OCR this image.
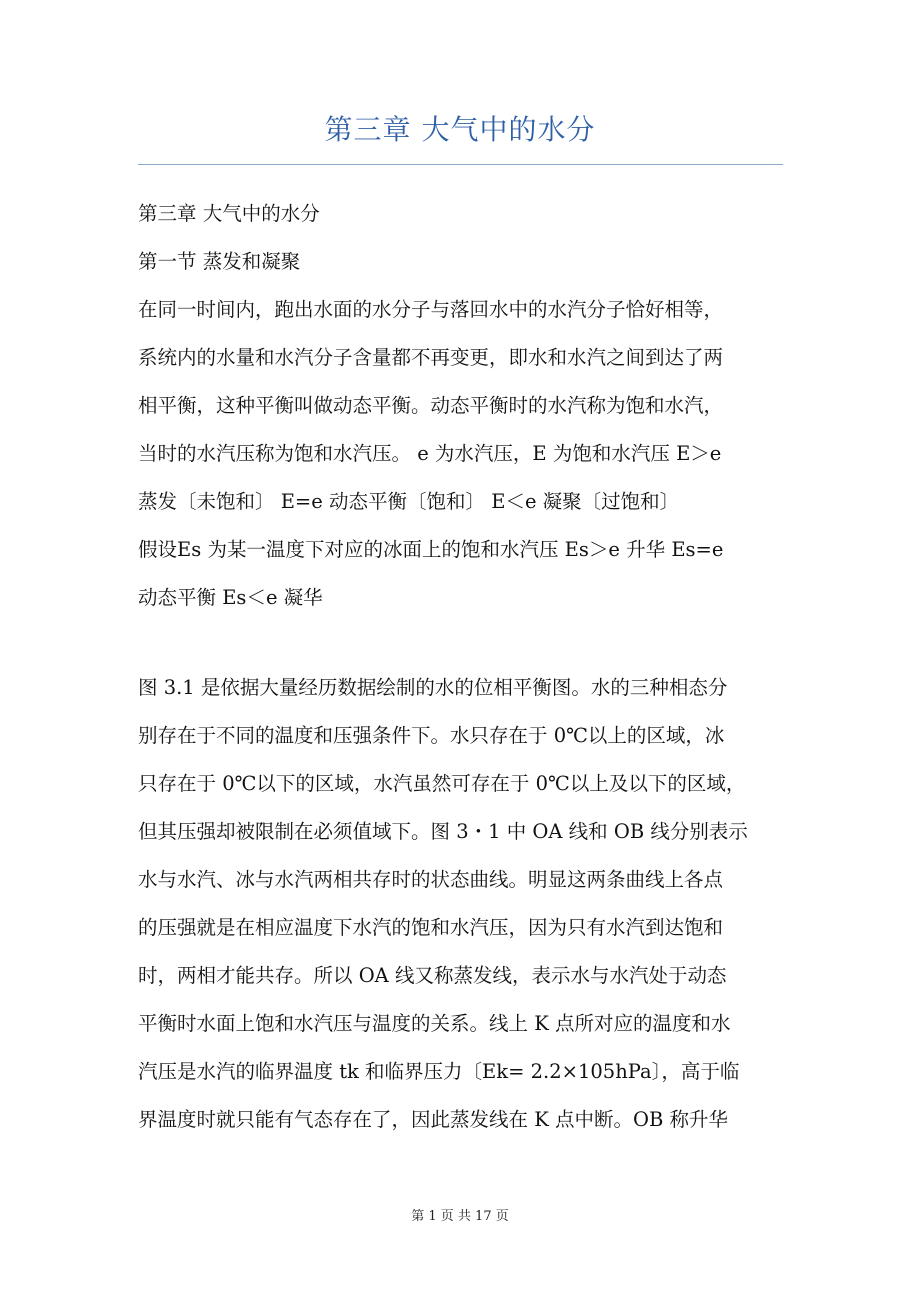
第三章 大气中的水分
第三章 大气中的水分
第一节 蒸发和凝聚
在同一时间内，跑出水面的水分子与落回水中的水汽分子恰好相等，
系统内的水量和水汽分子含量都不再变更，即水和水汽之间到达了两
相平衡，这种平衡叫做动态平衡。动态平衡时的水汽称为饱和水汽，
当时的水汽压称为饱和水汽压。 e 为水汽压，E 为饱和水汽压 E＞e
蒸发〔未饱和〕 E=e 动态平衡〔饱和〕 E＜e 凝聚〔过饱和〕
假设Es 为某一温度下对应的冰面上的饱和水汽压 Es＞e 升华 Es=e
动态平衡 Es＜e 凝华
图 3.1 是依据大量经历数据绘制的水的位相平衡图。水的三种相态分
别存在于不同的温度和压强条件下。水只存在于 0℃以上的区域，冰
只存在于 0℃以下的区域，水汽虽然可存在于 0℃以上及以下的区域，
但其压强却被限制在必须值域下。图 3・1 中 OA 线和 OB 线分别表示
水与水汽、冰与水汽两相共存时的状态曲线。明显这两条曲线上各点
的压强就是在相应温度下水汽的饱和水汽压，因为只有水汽到达饱和
时，两相才能共存。所以 OA 线又称蒸发线，表示水与水汽处于动态
平衡时水面上饱和水汽压与温度的关系。线上 K 点所对应的温度和水
汽压是水汽的临界温度 tk 和临界压力〔Ek= 2.2×105hPa〕，高于临
界温度时就只能有气态存在了，因此蒸发线在 K 点中断。OB 称升华
第 1 页 共 17 页
